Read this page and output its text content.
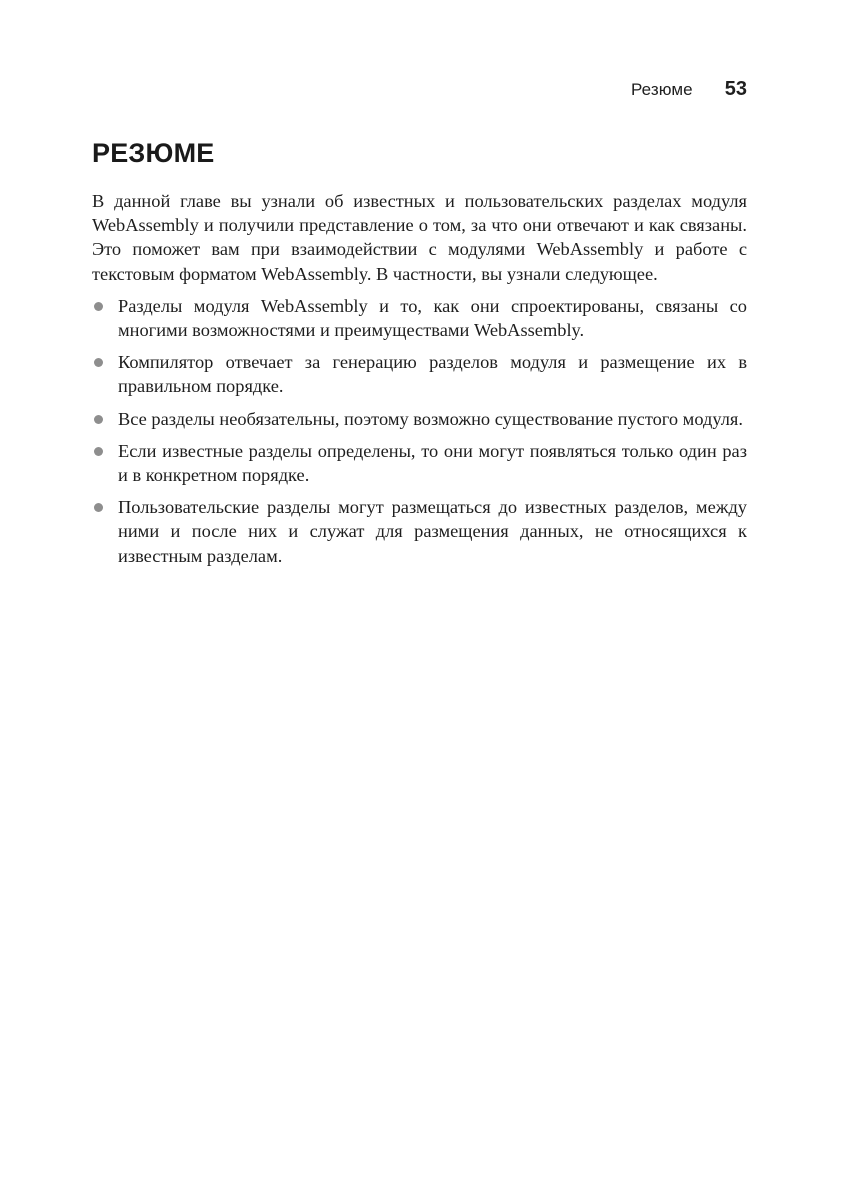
Резюме 53
РЕЗЮМЕ

В данной главе вы узнали об известных и пользовательских разделах модуля WebAssembly и получили представление о том, за что они отвечают и как связаны. Это поможет вам при взаимодействии с модулями WebAssembly и работе с текстовым форматом WebAssembly. В частности, вы узнали следующее.

Разделы модуля WebAssembly и то, как они спроектированы, связаны со многими возможностями и преимуществами WebAssembly.
Компилятор отвечает за генерацию разделов модуля и размещение их в правильном порядке.
Все разделы необязательны, поэтому возможно существование пустого модуля.
Если известные разделы определены, то они могут появляться только один раз и в конкретном порядке.
Пользовательские разделы могут размещаться до известных разделов, между ними и после них и служат для размещения данных, не относящихся к известным разделам.
